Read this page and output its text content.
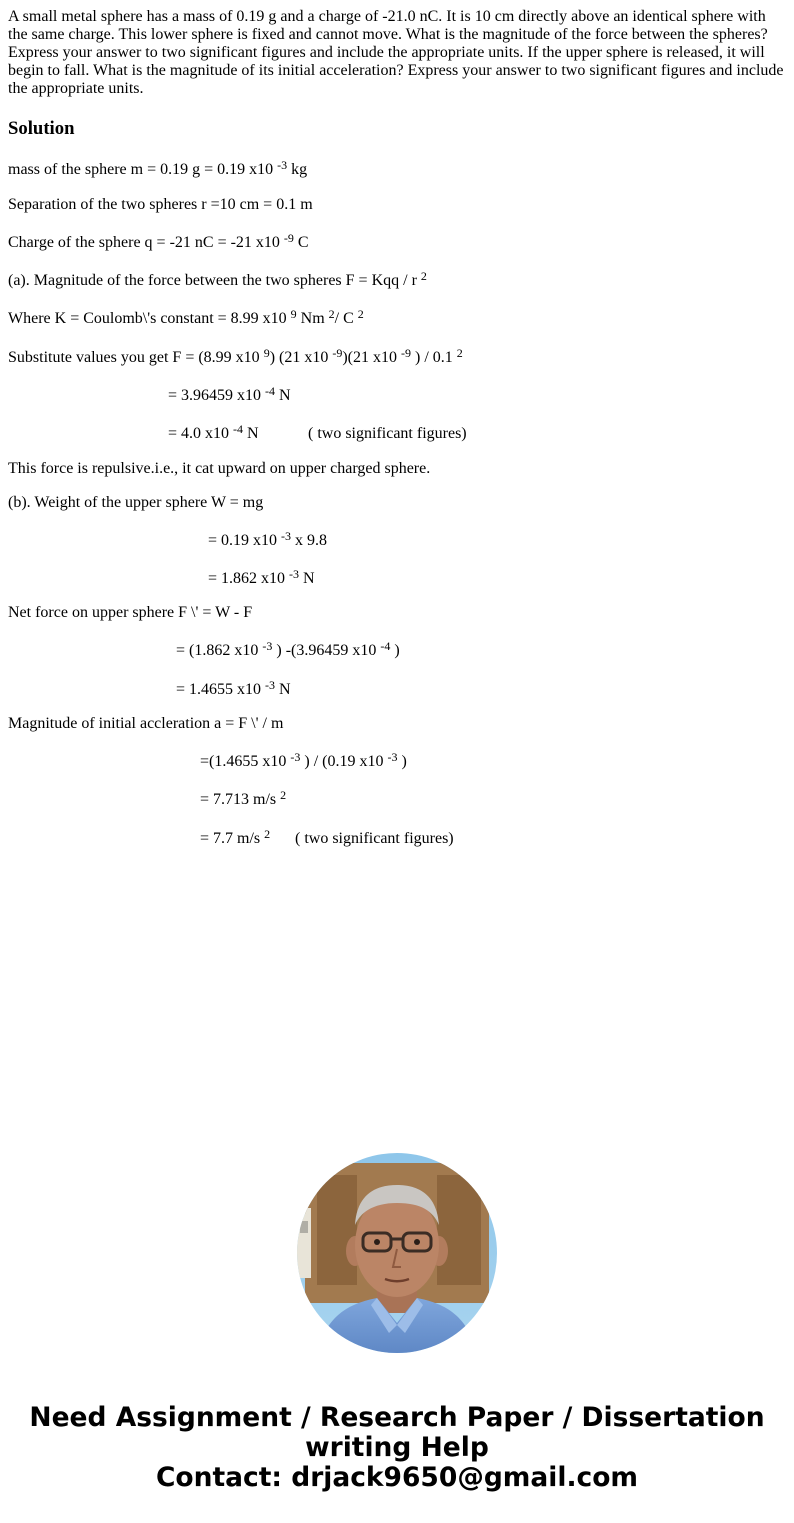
A small metal sphere has a mass of 0.19 g and a charge of -21.0 nC. It is 10 cm directly above an identical sphere with the same charge. This lower sphere is fixed and cannot move. What is the magnitude of the force between the spheres? Express your answer to two significant figures and include the appropriate units. If the upper sphere is released, it will begin to fall. What is the magnitude of its initial acceleration? Express your answer to two significant figures and include the appropriate units.

Solution
mass of the sphere m = 0.19 g = 0.19 x10 $^{-3}$ kg
Separation of the two spheres r =10 cm = 0.1 m
Charge of the sphere q = -21 nC = -21 x10 $^{-9}$ C
(a). Magnitude of the force between the two spheres F = Kqq / r $^2$
Where K = Coulomb\'s constant = 8.99 x10 $^9$ Nm $^2$/ C $^2$
Substitute values you get F = (8.99 x10 $^9$) (21 x10 $^{-9}$)(21 x10 $^{-9}$ ) / 0.1 $^2$
= 3.96459 x10 $^{-4}$ N
= 4.0 x10 $^{-4}$ N	( two significant figures)
This force is repulsive.i.e., it cat upward on upper charged sphere.
(b). Weight of the upper sphere W = mg
= 0.19 x10 $^{-3}$ x 9.8
= 1.862 x10 $^{-3}$ N
Net force on upper sphere F \' = W - F
= (1.862 x10 $^{-3}$ ) -(3.96459 x10 $^{-4}$ )
= 1.4655 x10 $^{-3}$ N
Magnitude of initial accleration a = F \' / m
=(1.4655 x10 $^{-3}$ ) / (0.19 x10 $^{-3}$ )
= 7.713 m/s $^2$
= 7.7 m/s $^2$ ( two significant figures)
Need Assignment / Research Paper / Dissertation
writing Help
Contact: drjack9650@gmail.com
